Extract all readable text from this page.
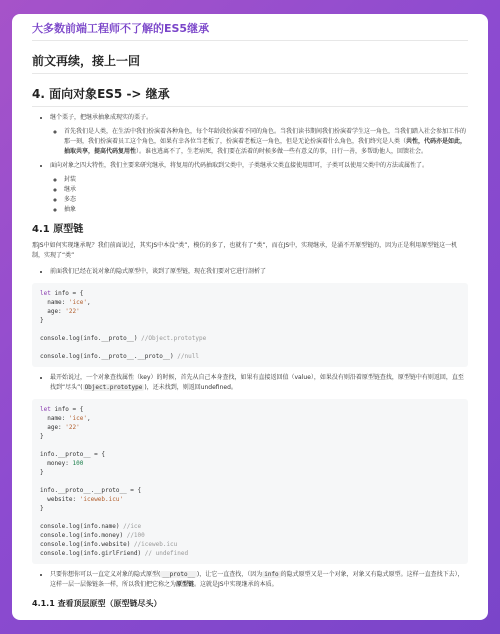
大多数前端工程师不了解的ES5继承
前文再续，接上一回
4. 面向对象ES5 -> 继承
• 继个栗子，把继承抽象成现实的栗子。
◦ 首先我们是人类，在生活中我们扮演着各种角色，每个年龄段扮演着不同的角色。当我们读书期间我们扮演着学生这一角色，当我们踏入社会参加工作的那一刻，我们扮演着员工这个角色，如果有幸各位当老板了，扮演着老板这一角色，但是无论扮演着什么角色，我们终究是人类（共性，代码亦是如此，抽取共享，提高代码复用性）。谁也逃离不了，生老病死，我们要在活着的时候多做一些有意义的事，日行一善，多帮助他人，回馈社会。
• 面向对象之四大特性，我们主要来研究继承，将复用的代码抽取到父类中，子类继承父类直接使用即可，子类可以使用父类中的方法或属性了。
◦ 封装
◦ 继承
◦ 多态
◦ 抽象
4.1 原型链
那JS中如何实现继承呢？我们前面说过，其实JS中本没“类”，模仿的多了，也就有了“类”，而在JS中，实现继承，是涌不开原型链的，因为正是利用原型链这一机制，实现了“类”
• 前面我们已经在说对象的隐式原型中，谈到了原型链，现在我们要对它进行剖析了
let info = {
name: 'ice',
age: '22'
}
console.log(info.__proto__) //Object.prototype
console.log(info.__proto__.__proto__) //null
• 最开始说过，一个对象查找属性（key）的时候，首先从自己本身查找，如果有直接返回值（value），如果没有则沿着原型链查找，原型链中有则返回，直至找到“尽头”( Object.prototype )，还未找到，则返回undefined。
let info = {
name: 'ice',
age: '22'
}
info.__proto__ = {
money: 100
}
info.__proto__.__proto__ = {
website: 'iceweb.icu'
}
console.log(info.name) //ice
console.log(info.money) //100
console.log(info.website) //iceweb.icu
console.log(info.girlFriend) // undefined
• 只要你想你可以一直定义对象的隐式原型( __proto__ )，让它一直查找，（因为 info 的隐式原型又是一个对象，对象又有隐式原型。这样一直查找下去），这样一层一层像链条一样，所以我们把它称之为原型链。这就是JS中实现继承的本质。
4.1.1 查看顶层原型（原型链尽头）
